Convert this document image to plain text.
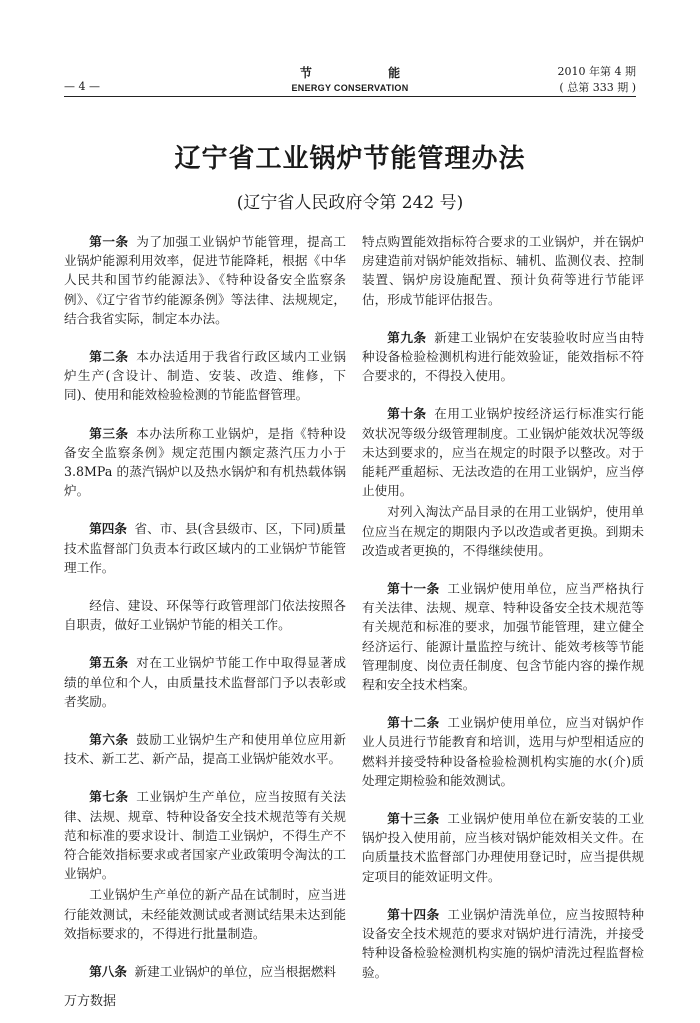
— 4 —
节 能
ENERGY CONSERVATION
2010 年第 4 期
( 总第 333 期 )
辽宁省工业锅炉节能管理办法
(辽宁省人民政府令第 242 号)

第一条 为了加强工业锅炉节能管理，提高工业锅炉能源利用效率，促进节能降耗，根据《中华人民共和国节约能源法》、《特种设备安全监察条例》、《辽宁省节约能源条例》等法律、法规规定，结合我省实际，制定本办法。

第二条 本办法适用于我省行政区域内工业锅炉生产(含设计、制造、安装、改造、维修，下同)、使用和能效检验检测的节能监督管理。

第三条 本办法所称工业锅炉，是指《特种设备安全监察条例》规定范围内额定蒸汽压力小于 3.8MPa 的蒸汽锅炉以及热水锅炉和有机热载体锅炉。

第四条 省、市、县(含县级市、区，下同)质量技术监督部门负责本行政区域内的工业锅炉节能管理工作。

经信、建设、环保等行政管理部门依法按照各自职责，做好工业锅炉节能的相关工作。

第五条 对在工业锅炉节能工作中取得显著成绩的单位和个人，由质量技术监督部门予以表彰或者奖励。

第六条 鼓励工业锅炉生产和使用单位应用新技术、新工艺、新产品，提高工业锅炉能效水平。

第七条 工业锅炉生产单位，应当按照有关法律、法规、规章、特种设备安全技术规范等有关规范和标准的要求设计、制造工业锅炉，不得生产不符合能效指标要求或者国家产业政策明令淘汰的工业锅炉。

工业锅炉生产单位的新产品在试制时，应当进行能效测试，未经能效测试或者测试结果未达到能效指标要求的，不得进行批量制造。

第八条 新建工业锅炉的单位，应当根据燃料

特点购置能效指标符合要求的工业锅炉，并在锅炉房建造前对锅炉能效指标、辅机、监测仪表、控制装置、锅炉房设施配置、预计负荷等进行节能评估，形成节能评估报告。

第九条 新建工业锅炉在安装验收时应当由特种设备检验检测机构进行能效验证，能效指标不符合要求的，不得投入使用。

第十条 在用工业锅炉按经济运行标准实行能效状况等级分级管理制度。工业锅炉能效状况等级未达到要求的，应当在规定的时限予以整改。对于能耗严重超标、无法改造的在用工业锅炉，应当停止使用。

对列入淘汰产品目录的在用工业锅炉，使用单位应当在规定的期限内予以改造或者更换。到期未改造或者更换的，不得继续使用。

第十一条 工业锅炉使用单位，应当严格执行有关法律、法规、规章、特种设备安全技术规范等有关规范和标准的要求，加强节能管理，建立健全经济运行、能源计量监控与统计、能效考核等节能管理制度、岗位责任制度、包含节能内容的操作规程和安全技术档案。

第十二条 工业锅炉使用单位，应当对锅炉作业人员进行节能教育和培训，选用与炉型相适应的燃料并接受特种设备检验检测机构实施的水(介)质处理定期检验和能效测试。

第十三条 工业锅炉使用单位在新安装的工业锅炉投入使用前，应当核对锅炉能效相关文件。在向质量技术监督部门办理使用登记时，应当提供规定项目的能效证明文件。

第十四条 工业锅炉清洗单位，应当按照特种设备安全技术规范的要求对锅炉进行清洗，并接受特种设备检验检测机构实施的锅炉清洗过程监督检验。

万方数据
